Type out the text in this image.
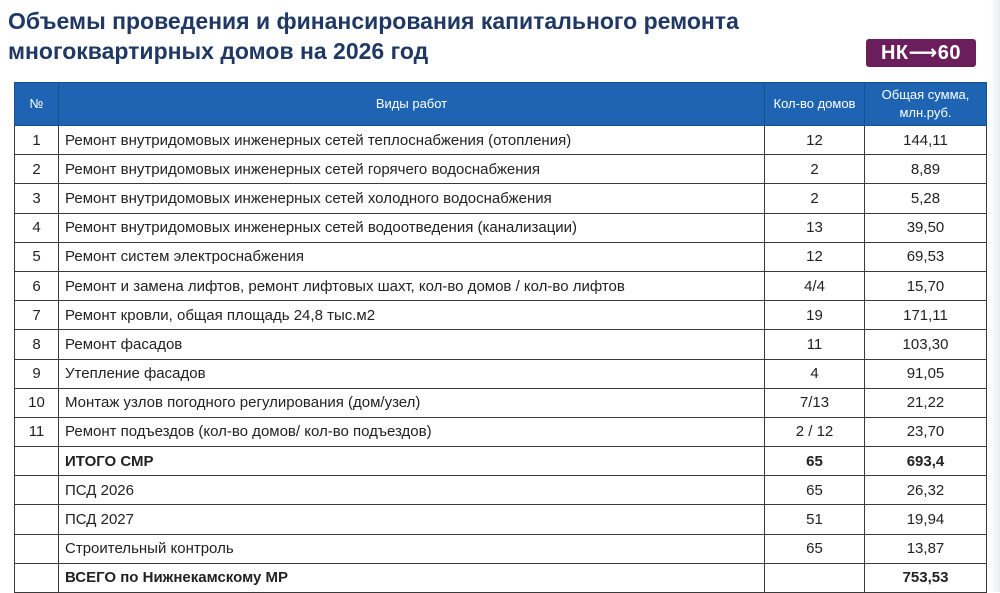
Объемы проведения и финансирования капитального ремонта
многоквартирных домов на 2026 год	НК⟶60
№	Виды работ	Кол-во домов	Общая сумма, млн.руб.
1	Ремонт внутридомовых инженерных сетей теплоснабжения (отопления)	12	144,11
2	Ремонт внутридомовых инженерных сетей горячего водоснабжения	2	8,89
3	Ремонт внутридомовых инженерных сетей холодного водоснабжения	2	5,28
4	Ремонт внутридомовых инженерных сетей водоотведения (канализации)	13	39,50
5	Ремонт систем электроснабжения	12	69,53
6	Ремонт и замена лифтов, ремонт лифтовых шахт, кол-во домов / кол-во лифтов	4/4	15,70
7	Ремонт кровли, общая площадь 24,8 тыс.м2	19	171,11
8	Ремонт фасадов	11	103,30
9	Утепление фасадов	4	91,05
10	Монтаж узлов погодного регулирования (дом/узел)	7/13	21,22
11	Ремонт подъездов (кол-во домов/ кол-во подъездов)	2 / 12	23,70
	ИТОГО СМР	65	693,4
	ПСД 2026	65	26,32
	ПСД 2027	51	19,94
	Строительный контроль	65	13,87
	ВСЕГО по Нижнекамскому МР		753,53
